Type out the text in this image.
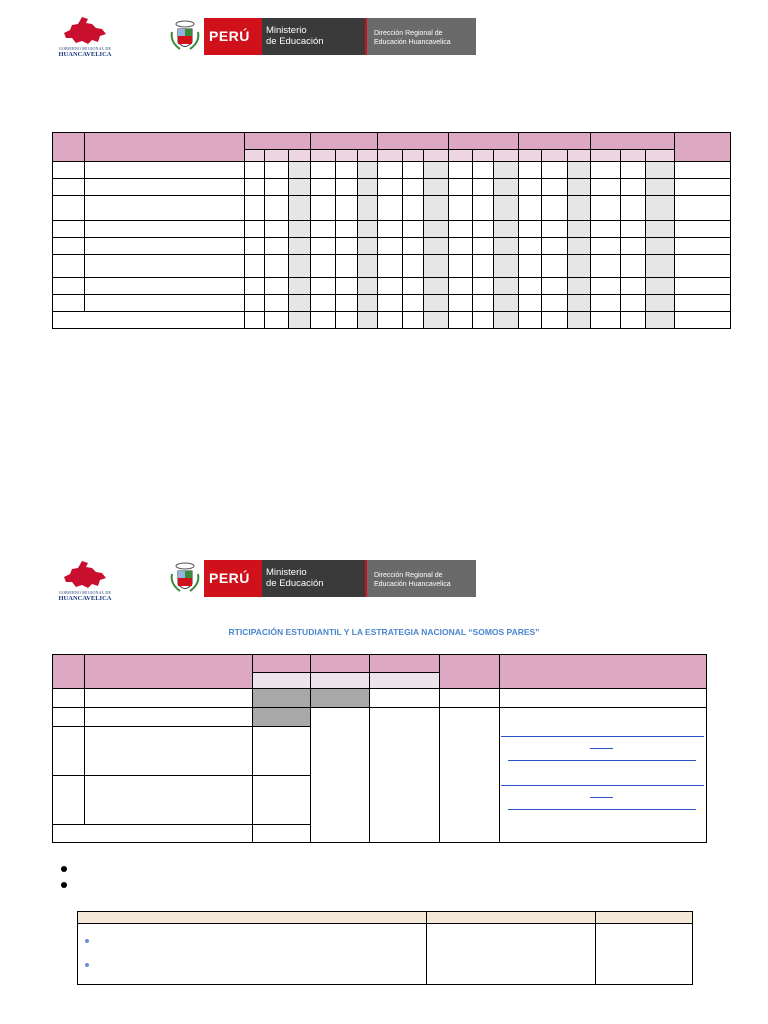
GOBIERNO REGIONAL DE
HUANCAVELICA
PERÚ Ministerio
de Educación
Dirección Regional de
Educación Huancavelica

GOBIERNO REGIONAL DE
HUANCAVELICA
PERÚ Ministerio
de Educación
Dirección Regional de
Educación Huancavelica
RTICIPACIÓN ESTUDIANTIL Y LA ESTRATEGIA NACIONAL “SOMOS PARES”
